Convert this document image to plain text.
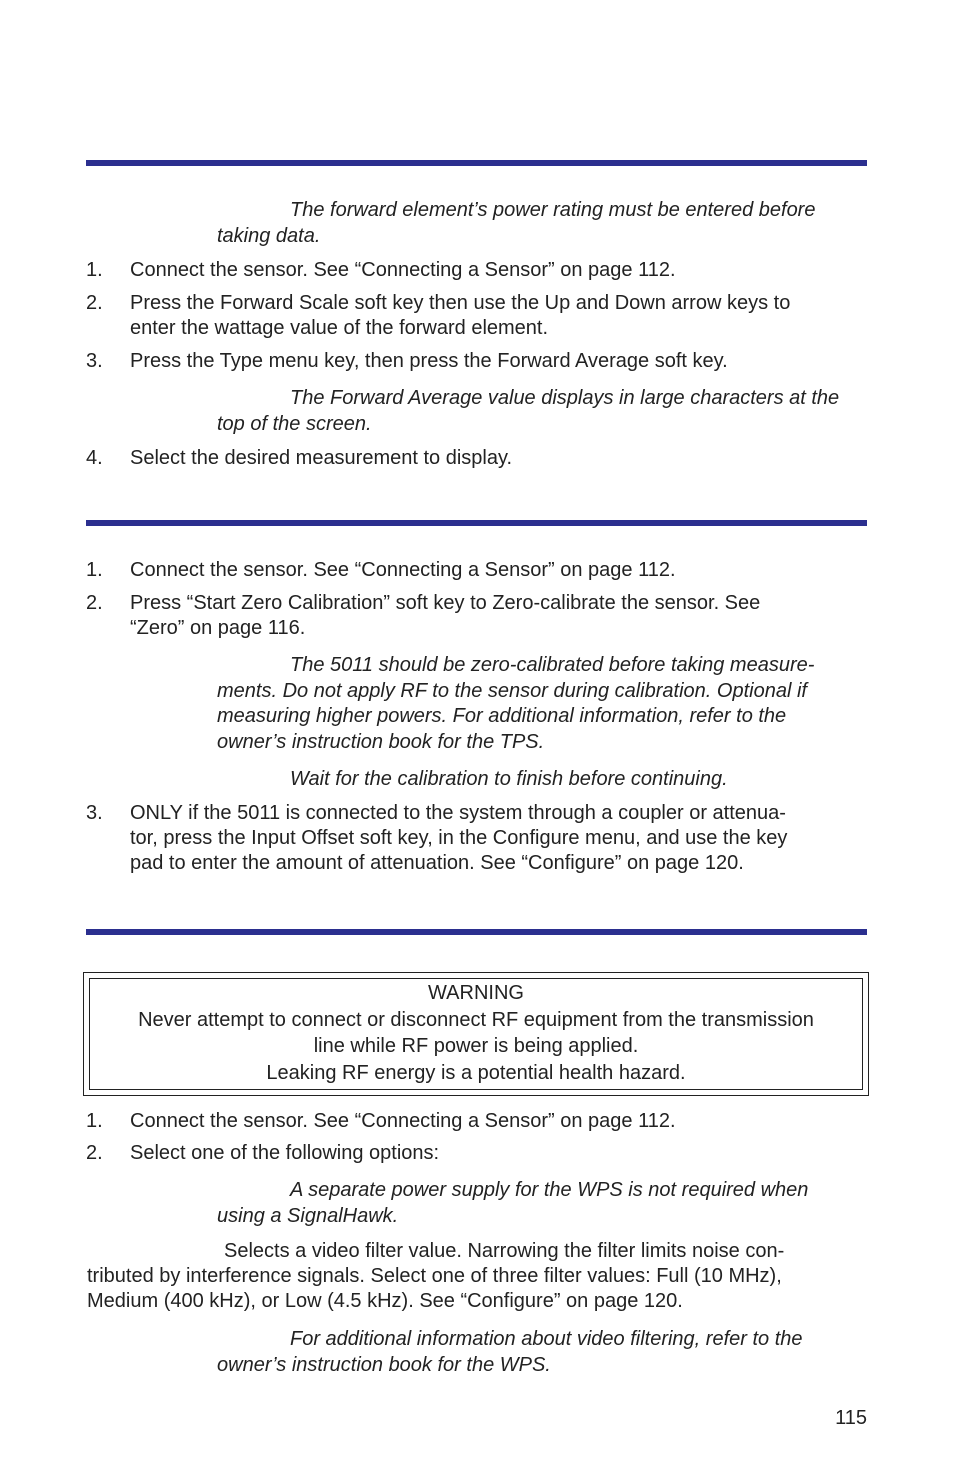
The forward element’s power rating must be entered before
taking data.
1. Connect the sensor. See “Connecting a Sensor” on page 112.
2. Press the Forward Scale soft key then use the Up and Down arrow keys to
enter the wattage value of the forward element.
3. Press the Type menu key, then press the Forward Average soft key.
The Forward Average value displays in large characters at the
top of the screen.
4. Select the desired measurement to display.
1. Connect the sensor. See “Connecting a Sensor” on page 112.
2. Press “Start Zero Calibration” soft key to Zero-calibrate the sensor. See
“Zero” on page 116.
The 5011 should be zero-calibrated before taking measure-
ments. Do not apply RF to the sensor during calibration. Optional if
measuring higher powers. For additional information, refer to the
owner’s instruction book for the TPS.
Wait for the calibration to finish before continuing.
3. ONLY if the 5011 is connected to the system through a coupler or attenua-
tor, press the Input Offset soft key, in the Configure menu, and use the key
pad to enter the amount of attenuation. See “Configure” on page 120.
WARNING
Never attempt to connect or disconnect RF equipment from the transmission
line while RF power is being applied.
Leaking RF energy is a potential health hazard.
1. Connect the sensor. See “Connecting a Sensor” on page 112.
2. Select one of the following options:
A separate power supply for the WPS is not required when
using a SignalHawk.
Selects a video filter value. Narrowing the filter limits noise con-
tributed by interference signals. Select one of three filter values: Full (10 MHz),
Medium (400 kHz), or Low (4.5 kHz). See “Configure” on page 120.
For additional information about video filtering, refer to the
owner’s instruction book for the WPS.
115
